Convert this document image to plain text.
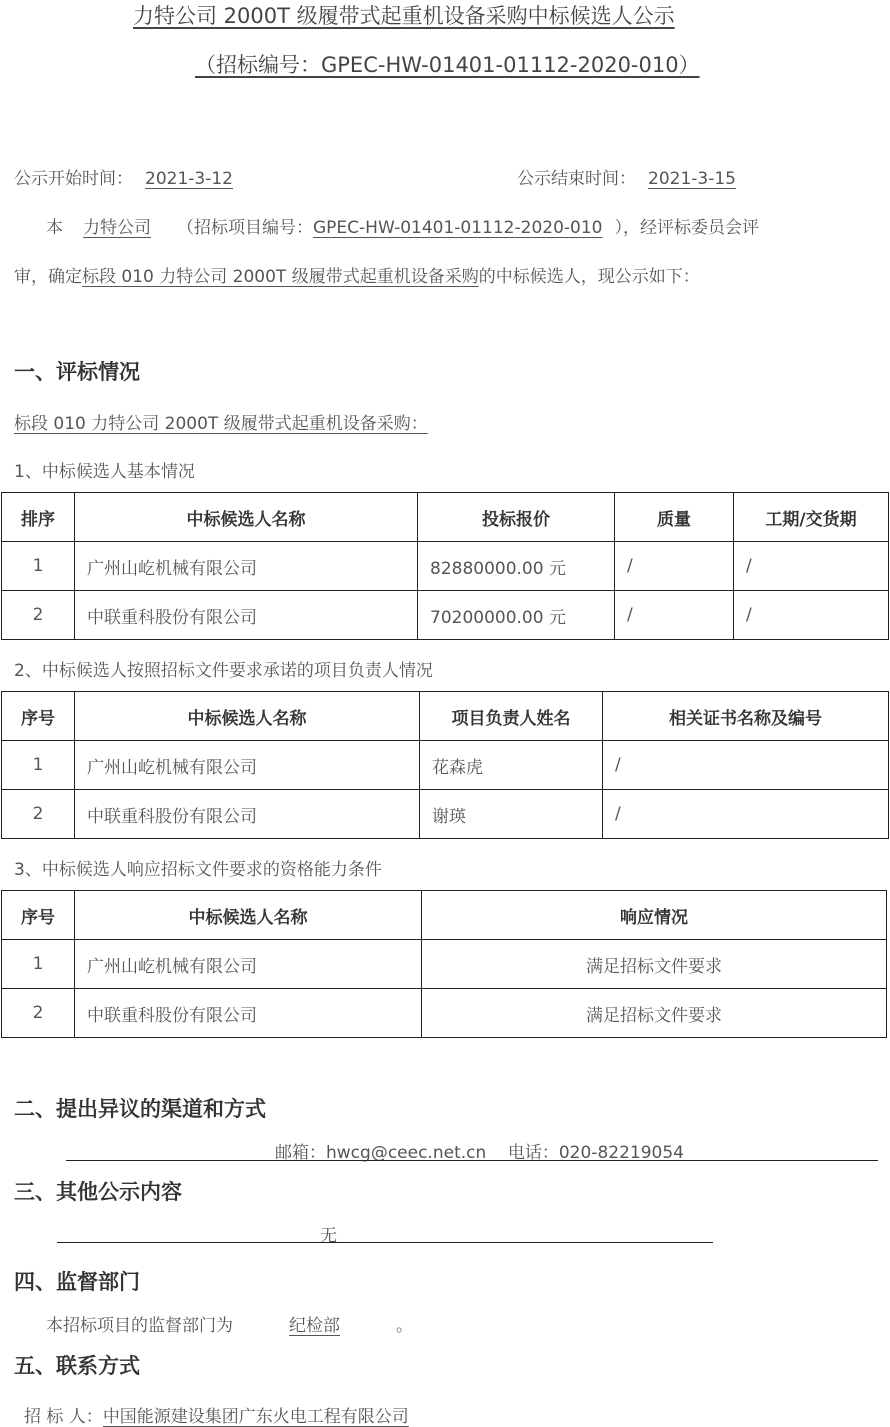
力特公司 2000T 级履带式起重机设备采购中标候选人公示
（招标编号：GPEC-HW-01401-01112-2020-010）
公示开始时间： 2021-3-12	公示结束时间： 2021-3-15
本 力特公司 （招标项目编号：GPEC-HW-01401-01112-2020-010 ），经评标委员会评
审，确定标段 010 力特公司 2000T 级履带式起重机设备采购的中标候选人，现公示如下：
一、评标情况
标段 010 力特公司 2000T 级履带式起重机设备采购：
1、中标候选人基本情况
排序	中标候选人名称	投标报价	质量	工期/交货期
1	广州山屹机械有限公司	82880000.00 元	/	/
2	中联重科股份有限公司	70200000.00 元	/	/
2、中标候选人按照招标文件要求承诺的项目负责人情况
序号	中标候选人名称	项目负责人姓名	相关证书名称及编号
1	广州山屹机械有限公司	花森虎	/
2	中联重科股份有限公司	谢瑛	/
3、中标候选人响应招标文件要求的资格能力条件
序号	中标候选人名称	响应情况
1	广州山屹机械有限公司	满足招标文件要求
2	中联重科股份有限公司	满足招标文件要求
二、提出异议的渠道和方式
邮箱：hwcg@ceec.net.cn    电话：020-82219054
三、其他公示内容
无
四、监督部门
本招标项目的监督部门为	纪检部	。
五、联系方式
招 标 人：中国能源建设集团广东火电工程有限公司
